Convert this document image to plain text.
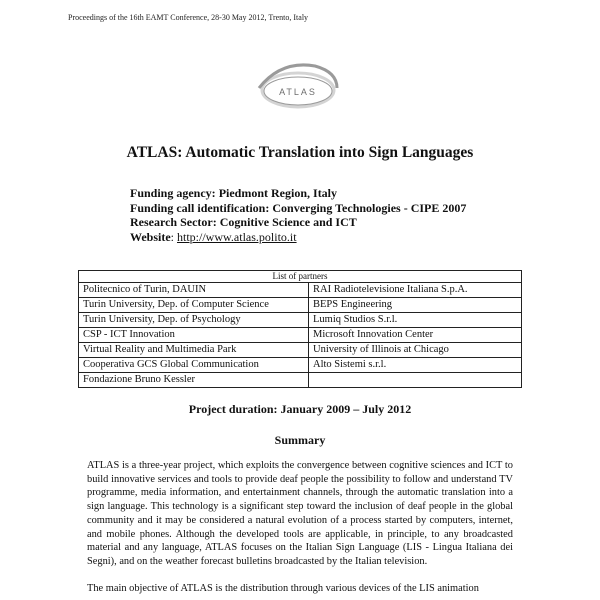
Proceedings of the 16th EAMT Conference, 28-30 May 2012, Trento, Italy
ATLAS
ATLAS: Automatic Translation into Sign Languages
Funding agency: Piedmont Region, Italy
Funding call identification: Converging Technologies - CIPE 2007
Research Sector: Cognitive Science and ICT
Website: http://www.atlas.polito.it
List of partners	
Politecnico of Turin, DAUIN	RAI Radiotelevisione Italiana S.p.A.
Turin University, Dep. of Computer Science	BEPS Engineering
Turin University, Dep. of Psychology	Lumiq Studios S.r.l.
CSP - ICT Innovation	Microsoft Innovation Center
Virtual Reality and Multimedia Park	University of Illinois at Chicago
Cooperativa GCS Global Communication	Alto Sistemi s.r.l.
Fondazione Bruno Kessler	
Project duration: January 2009 – July 2012
Summary

ATLAS is a three-year project, which exploits the convergence between cognitive sciences and ICT to build innovative services and tools to provide deaf people the possibility to follow and understand TV programme, media information, and entertainment channels, through the automatic translation into a sign language. This technology is a significant step toward the inclusion of deaf people in the global community and it may be considered a natural evolution of a process started by computers, internet, and mobile phones. Although the developed tools are applicable, in principle, to any broadcasted material and any language, ATLAS focuses on the Italian Sign Language (LIS - Lingua Italiana dei Segni), and on the weather forecast bulletins broadcasted by the Italian television.

The main objective of ATLAS is the distribution through various devices of the LIS animation
